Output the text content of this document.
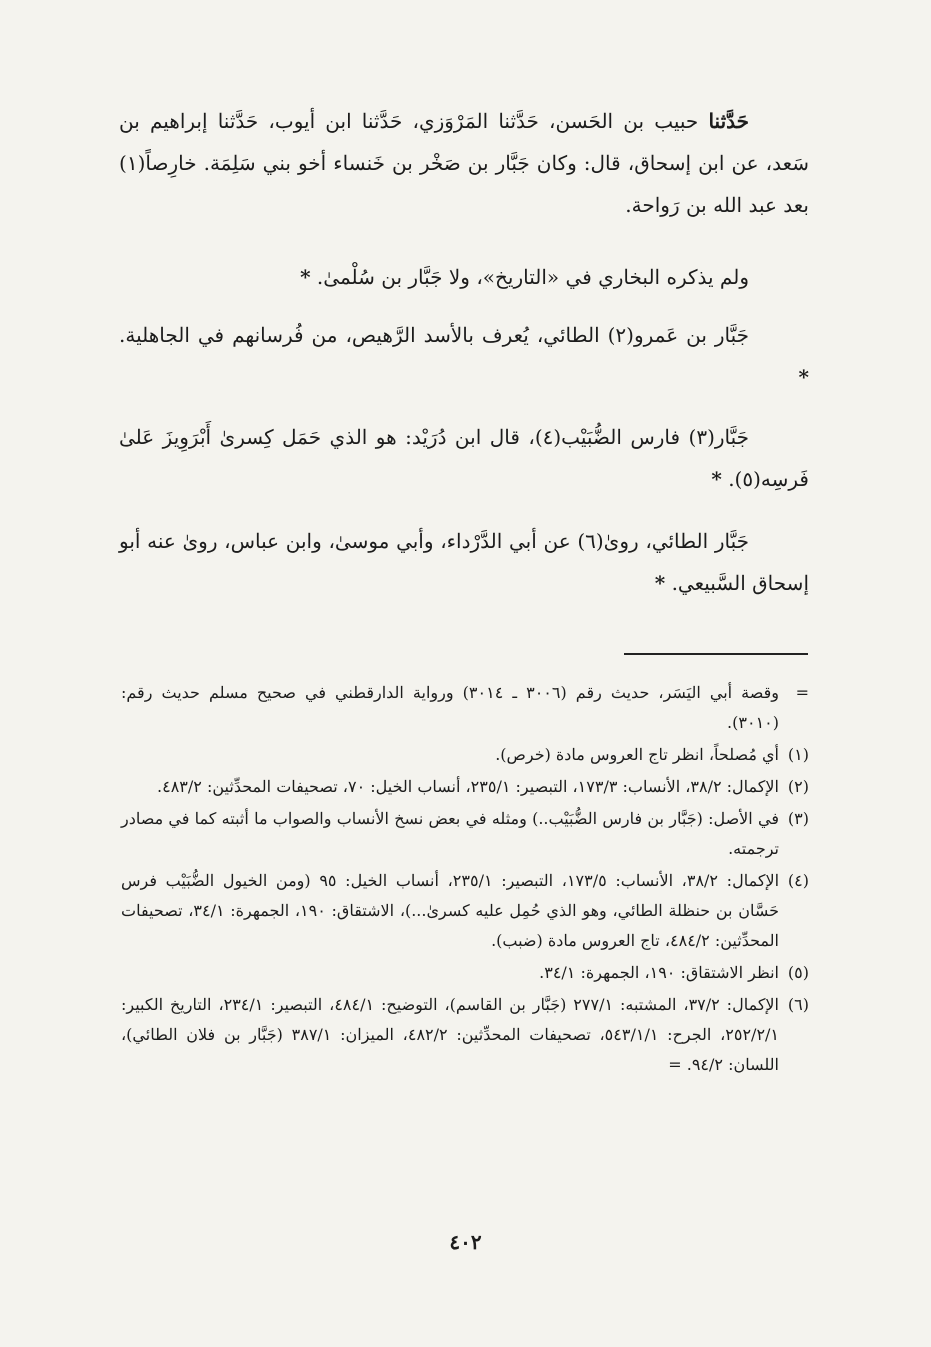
حَدَّثنا حبيب بن الحَسن، حَدَّثنا المَرْوَزي، حَدَّثنا ابن أيوب، حَدَّثنا إبراهيم بن سَعد، عن ابن إسحاق، قال: وكان جَبَّار بن صَخْر بن خَنساء أخو بني سَلِمَة. خارِصاً(١) بعد عبد الله بن رَواحة.

ولم يذكره البخاري في «التاريخ»، ولا جَبَّار بن سُلْمىٰ. *

جَبَّار بن عَمرو(٢) الطائي، يُعرف بالأسد الرَّهيص، من فُرسانهم في الجاهلية. *

جَبَّار(٣) فارس الضُّبَيْب(٤)، قال ابن دُرَيْد: هو الذي حَمَل كِسرىٰ أَبْرَوِيزَ عَلىٰ فَرسِه(٥). *

جَبَّار الطائي، روىٰ(٦) عن أبي الدَّرْداء، وأبي موسىٰ، وابن عباس، روىٰ عنه أبو إسحاق السَّبيعي. *

=
وقصة أبي اليَسَر، حديث رقم (٣٠٠٦ ـ ٣٠١٤) ورواية الدارقطني في صحيح مسلم حديث رقم: (٣٠١٠).

(١)
أي مُصلحاً، انظر تاج العروس مادة (خرص).

(٢)
الإكمال: ٣٨/٢، الأنساب: ١٧٣/٣، التبصير: ٢٣٥/١، أنساب الخيل: ٧٠، تصحيفات المحدِّثين: ٤٨٣/٢.

(٣)
في الأصل: (جَبَّار بن فارس الضُّبَيْب..) ومثله في بعض نسخ الأنساب والصواب ما أثبته كما في مصادر ترجمته.

(٤)
الإكمال: ٣٨/٢، الأنساب: ١٧٣/٥، التبصير: ٢٣٥/١، أنساب الخيل: ٩٥ (ومن الخيول الضُّبَيْب فرس حَسَّان بن حنظلة الطائي، وهو الذي حُمِل عليه كسرىٰ...)، الاشتقاق: ١٩٠، الجمهرة: ٣٤/١، تصحيفات المحدِّثين: ٤٨٤/٢، تاج العروس مادة (ضبب).

(٥)
انظر الاشتقاق: ١٩٠، الجمهرة: ٣٤/١.

(٦)
الإكمال: ٣٧/٢، المشتبه: ٢٧٧/١ (جَبَّار بن القاسم)، التوضيح: ٤٨٤/١، التبصير: ٢٣٤/١، التاريخ الكبير: ٢٥٢/٢/١، الجرح: ٥٤٣/١/١، تصحيفات المحدِّثين: ٤٨٢/٢، الميزان: ٣٨٧/١ (جَبَّار بن فلان الطائي)، اللسان: ٩٤/٢. =

٤٠٢
